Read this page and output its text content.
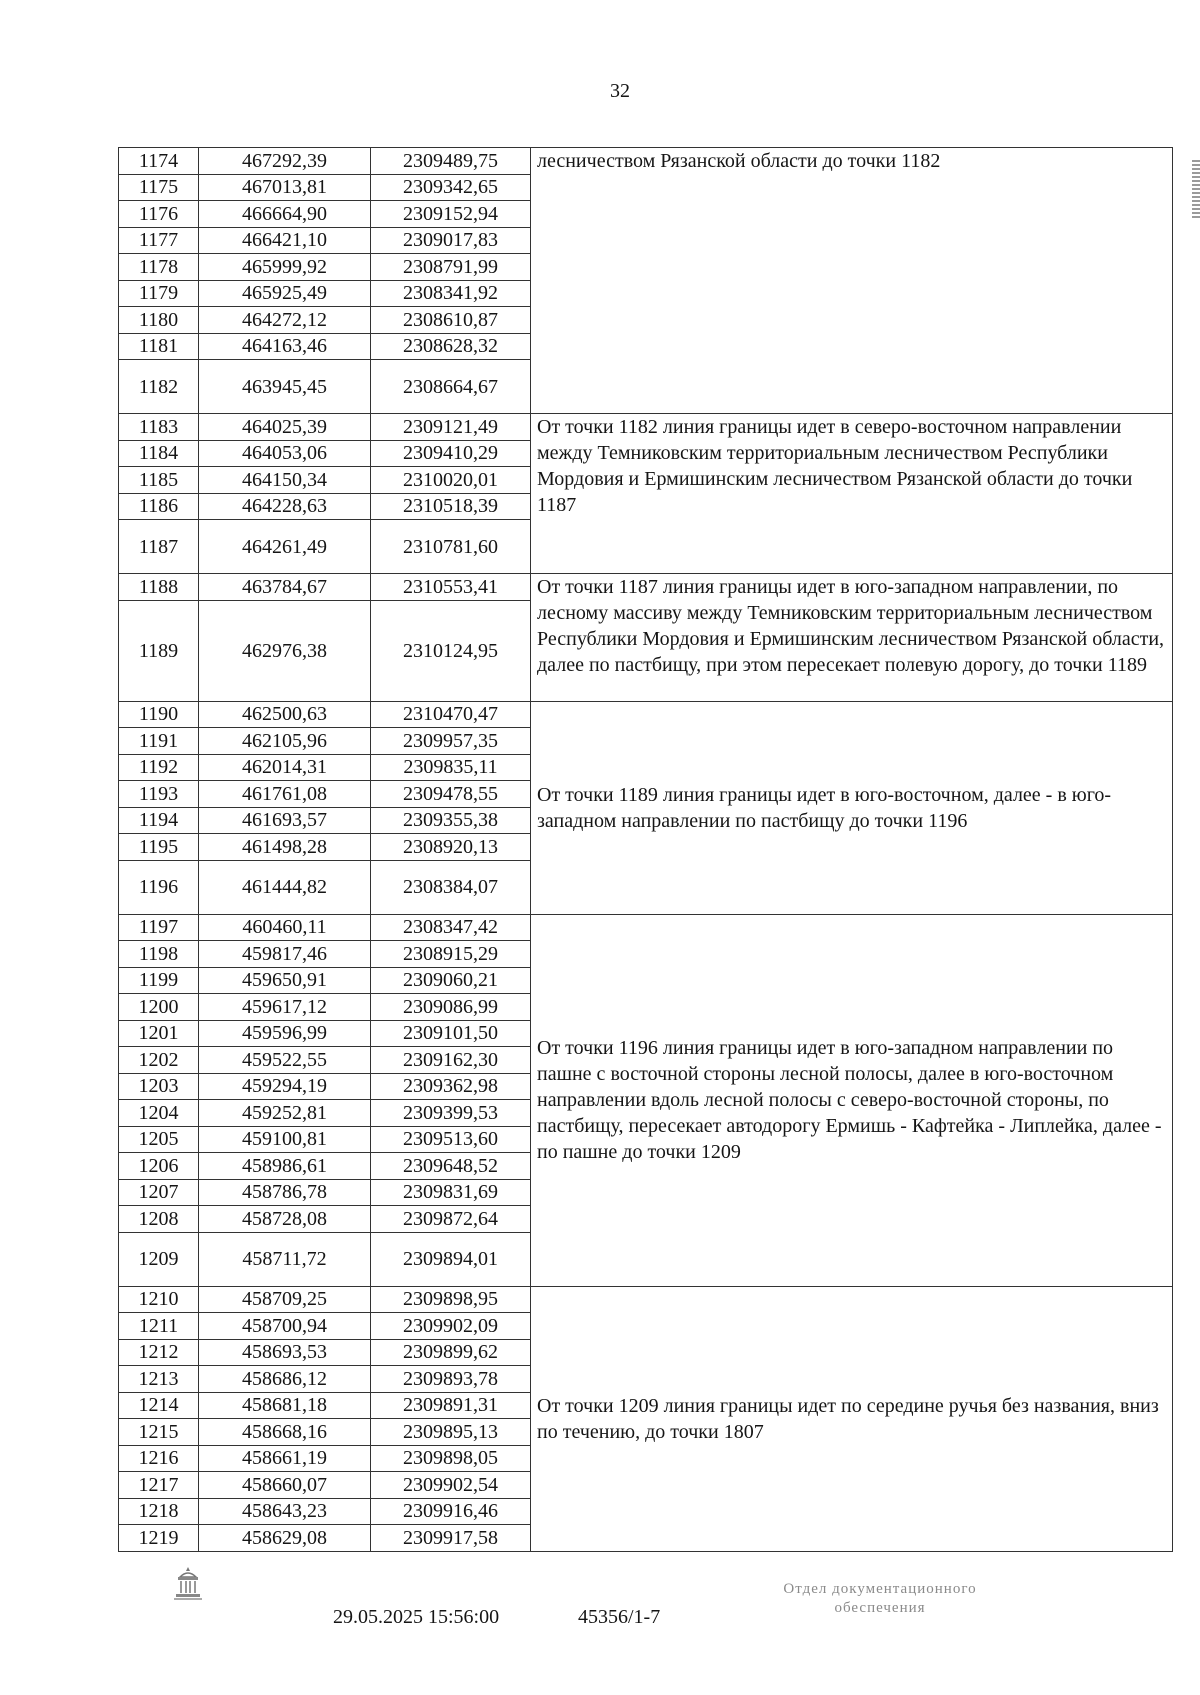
32
1174	467292,39	2309489,75	лесничеством Рязанской области до точки 1182
1175	467013,81	2309342,65	
1176	466664,90	2309152,94	
1177	466421,10	2309017,83	
1178	465999,92	2308791,99	
1179	465925,49	2308341,92	
1180	464272,12	2308610,87	
1181	464163,46	2308628,32	
1182	463945,45	2308664,67	
1183	464025,39	2309121,49	От точки 1182 линия границы идет в северо-восточном направлении между Темниковским территориальным лесничеством Республики Мордовия и Ермишинским лесничеством Рязанской области до точки 1187
1184	464053,06	2309410,29	
1185	464150,34	2310020,01	
1186	464228,63	2310518,39	
1187	464261,49	2310781,60	
1188	463784,67	2310553,41	От точки 1187 линия границы идет в юго-западном направлении, по лесному массиву между Темниковским территориальным лесничеством Республики Мордовия и Ермишинским лесничеством Рязанской области, далее по пастбищу, при этом пересекает полевую дорогу, до точки 1189
1189	462976,38	2310124,95	
1190	462500,63	2310470,47	От точки 1189 линия границы идет в юго-восточном, далее - в юго-западном направлении по пастбищу до точки 1196
1191	462105,96	2309957,35	
1192	462014,31	2309835,11	
1193	461761,08	2309478,55	
1194	461693,57	2309355,38	
1195	461498,28	2308920,13	
1196	461444,82	2308384,07	
1197	460460,11	2308347,42	От точки 1196 линия границы идет в юго-западном направлении по пашне с восточной стороны лесной полосы, далее в юго-восточном направлении вдоль лесной полосы с северо-восточной стороны, по пастбищу, пересекает автодорогу Ермишь - Кафтейка - Липлейка, далее - по пашне до точки 1209
1198	459817,46	2308915,29	
1199	459650,91	2309060,21	
1200	459617,12	2309086,99	
1201	459596,99	2309101,50	
1202	459522,55	2309162,30	
1203	459294,19	2309362,98	
1204	459252,81	2309399,53	
1205	459100,81	2309513,60	
1206	458986,61	2309648,52	
1207	458786,78	2309831,69	
1208	458728,08	2309872,64	
1209	458711,72	2309894,01	
1210	458709,25	2309898,95	От точки 1209 линия границы идет по середине ручья без названия, вниз по течению, до точки 1807
1211	458700,94	2309902,09	
1212	458693,53	2309899,62	
1213	458686,12	2309893,78	
1214	458681,18	2309891,31	
1215	458668,16	2309895,13	
1216	458661,19	2309898,05	
1217	458660,07	2309902,54	
1218	458643,23	2309916,46	
1219	458629,08	2309917,58	
29.05.2025 15:56:00	45356/1-7
Отдел документационного
обеспечения
